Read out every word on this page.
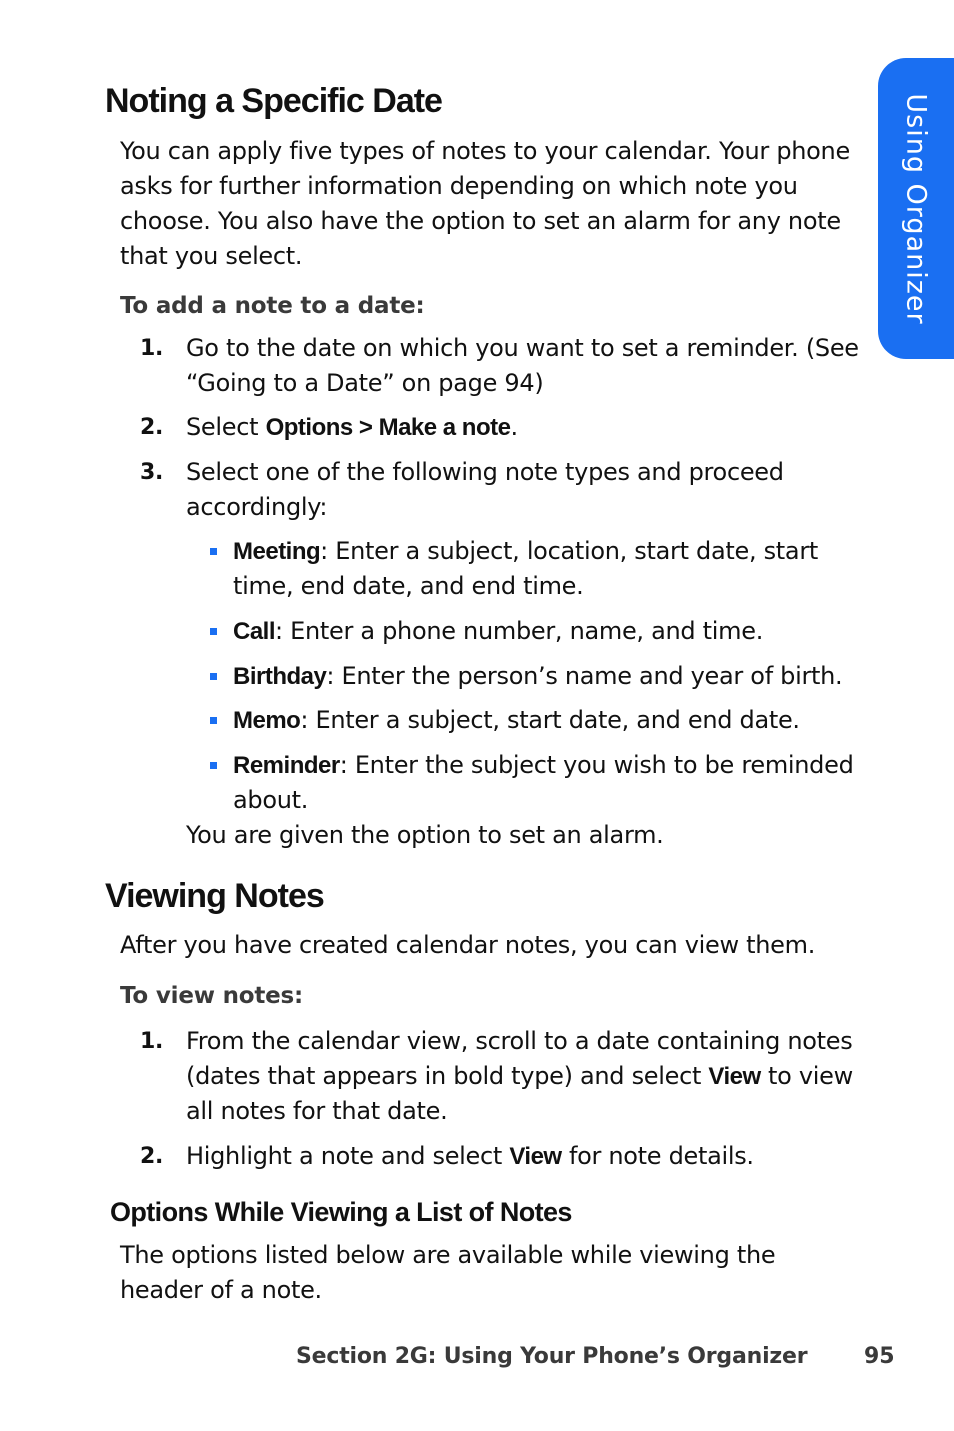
Using Organizer
Noting a Specific Date

You can apply five types of notes to your calendar. Your phone asks for further information depending on which note you choose. You also have the option to set an alarm for any note that you select.

To add a note to a date:

1. Go to the date on which you want to set a reminder. (See “Going to a Date” on page 94)
2. Select Options > Make a note.
3. Select one of the following note types and proceed accordingly:
Meeting: Enter a subject, location, start date, start time, end date, and end time.
Call: Enter a phone number, name, and time.
Birthday: Enter the person’s name and year of birth.
Memo: Enter a subject, start date, and end date.
Reminder: Enter the subject you wish to be reminded about.
You are given the option to set an alarm.
Viewing Notes

After you have created calendar notes, you can view them.

To view notes:

1. From the calendar view, scroll to a date containing notes (dates that appears in bold type) and select View to view all notes for that date.
2. Highlight a note and select View for note details.
Options While Viewing a List of Notes

The options listed below are available while viewing the header of a note.

Section 2G: Using Your Phone’s Organizer	95
